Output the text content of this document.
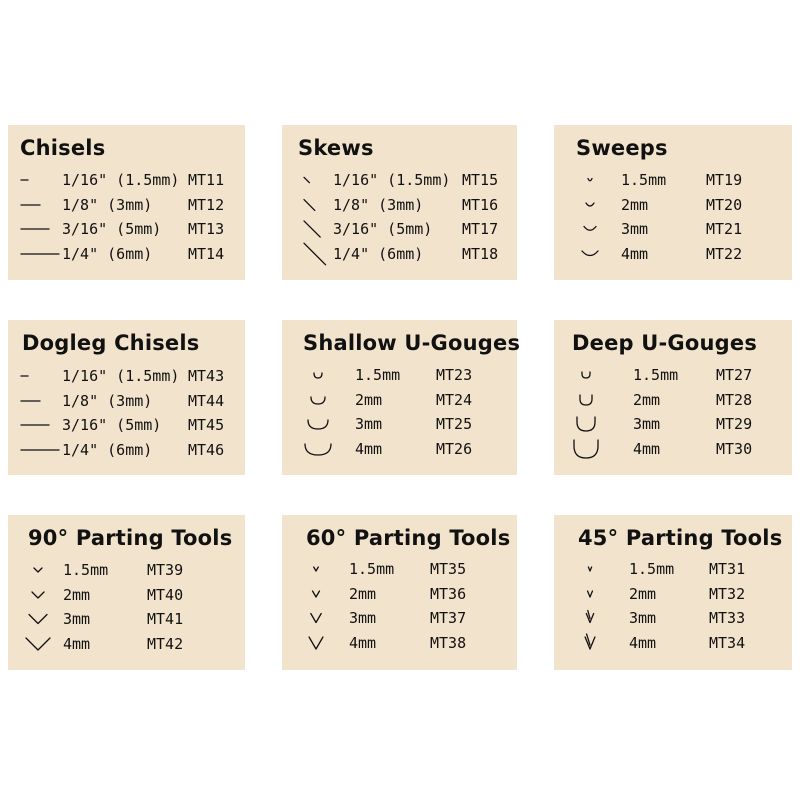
Chisels
1/16" (1.5mm) MT11
1/8" (3mm) MT12
3/16" (5mm) MT13
1/4" (6mm) MT14
Skews
1/16" (1.5mm) MT15
1/8" (3mm)	MT16
3/16" (5mm) MT17
1/4" (6mm)	MT18
Sweeps
1.5mm	MT19
2mm	MT20
3mm	MT21
4mm	MT22
Dogleg Chisels
1/16" (1.5mm) MT43
1/8" (3mm) MT44
3/16" (5mm) MT45
1/4" (6mm) MT46
Shallow U-Gouges
1.5mm MT23
2mm	MT24
3mm	MT25
4mm	MT26
Deep U-Gouges
1.5mm	MT27
2mm	MT28
3mm	MT29
4mm	MT30
90° Parting Tools
1.5mm	MT39
2mm	MT40
3mm	MT41
4mm	MT42
60° Parting Tools
1.5mm MT35
2mm	MT36
3mm	MT37
4mm	MT38
45° Parting Tools
1.5mm MT31
2mm	MT32
3mm	MT33
4mm	MT34
